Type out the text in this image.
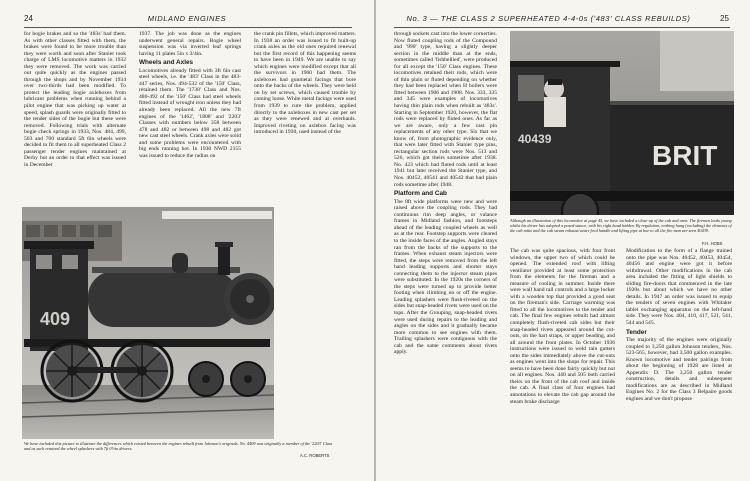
24	MIDLAND ENGINES

for bogie brakes and so the '483s' had them. As with other classes fitted with them, the brakes were found to be more trouble than they were worth and soon after Stanier took charge of LMS locomotive matters in 1932 they were removed. The work was carried out quite quickly as the engines passed through the shops and by November 1934 over two-thirds had been modified. To protect the leading bogie axleboxes from lubricant problems when running behind a pilot engine that was picking up water at speed, splash guards were originally fitted to the tender sides of the bogie but these were removed. Following trials with alternate bogie check springs in 1933, Nos. 484, 499, 503 and 700 standard 5ft 6in wheels were decided to fit them to all superheated Class 2 passenger tender engines maintained at Derby but an order to that effect was issued in December

1937. The job was done as the engines underwent general repairs. Bogie wheel suspension was via inverted leaf springs having 11 plates 5in x 3/4in.

Wheels and Axles

Locomotives already fitted with 3ft 6in cast steel wheels, i.e. the '483' Class in the 483-447 series, Nos. 494-532 of the '150' Class, retained them. The '1738' Class and Nos. 480-492 of the '150' Class had steel wheels fitted instead of wrought iron unless they had already been replaced. All the new 7ft engines of the '1462', '1808' and '2203' Classes with numbers below 358 between 478 and 482 or between 498 and 482 got new cast steel wheels. Crank axles were solid and some problems were encountered with big ends running hot. In 1930 NWD 2155 was issued to reduce the radius on

the crank pin fillets, which improved matters. In 1938 an order was issued to fit built-up crank axles as the old ones required renewal but the first record of this happening seems to have been in 1949. We are unable to say which engines were modified except that all the survivors in 1960 had them. The axleboxes had gunmetal facings that bore onto the backs of the wheels. They were held on by set screws, which caused trouble by coming loose. White metal facings were used from 1939 to cure the problem, applied directly to the axleboxes in new cast per set as they were renewed and at overhauls. Improved riveting on axlebox facing was introduced in 1930, used instead of the

409
We have included this picture to illustrate the differences which existed between the engines rebuilt from Johnson's originals. No. 4409 was originally a member of the '2203' Class and as such retained the wheel splashers with 7ft 0½in drivers.
A.C. ROBERTS
No. 3 — THE CLASS 2 SUPERHEATED 4-4-0s ('483' CLASS REBUILDS)	25

through sockets cast into the lower cornerties. Now fluted coupling rods of the Compound and '990' type, having a slightly deeper section in the middle than at the ends, sometimes called 'fishbellied', were produced for all except the '150' Class engines. These locomotives retained their rods, which were of thin plain or fluted depending on whether they had been replaced when H boilers were fitted between 1906 and 1908. Nos. 333, 335 and 345 were examples of locomotives having thin plain rods when rebuilt as '483s'. Starting in September 1920, however, the flat rods were replaced by fluted ones. As far as we are aware, only a few cast pin replacements of any other type. Six that we know of, from photographic evidence only, that were later fitted with Stanier type pins, rectangular section rods were Nos. 513 and 526, which got theirs sometime after 1938. No. 423 which had fluted rods until at least 1941 but later received the Stanier type, and Nos. 40452, 40541 and 40542 that had plain rods sometime after 1948.

Platform and Cab

The 8ft wide platforms were new and were raised above the coupling rods. They had continuous rim deep angles, or valance frames in Midland fashion, and footsteps ahead of the leading coupled wheels as well as at the rear. Footstep supports were cleared to the inside faces of the angles. Angled stays ran from the backs of the supports to the frames. When exhaust steam injectors were fitted, the steps were removed from the left hand leading supports and shorter stays connecting them to the injector steam pipes were substituted. In the 1920s the corners of the steps were turned up to provide better footing when climbing on or off the engine. Leading splashers were flush-riveted on the sides but snap-headed rivets were used on the tops. After the Grouping, snap-headed rivets were used during repairs to the leading and angles on the sides and it gradually became more common to see engines with them. Trailing splashers were contiguous with the cab and the same comments about rivets apply.

40439
BRIT
Although an illustration of this locomotive at page 45, we have included a close-up of the cab and area. The firemen looks young whilst his driver has adopted a posed stance, with his right hand hidden. By regulation, nothing hung (excluding) the elements of the cab mitts and the cab steam exhaust/water feed handle and lifting pipe at bar to all the fire man are seen 40439.
F.H. HOBS

The cab was quite spacious, with four front windows, the upper two of which could be opened. The extended roof with lifting ventilator provided at least some protection from the elements for the fireman and a measure of cooling in summer. Inside there were wall hand rail controls and a large locker with a wooden top that provided a good seat on the fireman's side. Carriage warming was fitted to all the locomotives to the tender and cab. The final few engines rebuilt had almost completely flush-riveted cab sides but their snap-headed rivets appeared around the cut-outs, on the hart straps, or upper beading, and all around the front plates. In October 1936 instructions were issued to weld rain gutters onto the sides immediately above the cut-outs as engines went into the shops for repair. This seems to have been done fairly quickly but not on all engines. Nos. 440 and 505 both carried theirs on the front of the cab roof and inside the cab. A final class of four engines had annotations to elevate the cab gap around the steam brake discharge

Modification to the form of a flange trained onto the pipe was Nos. 40452, 40453, 40454, 40456 and engine were got it before withdrawal. Other modifications in the cab area included the fitting of light shields to sliding fire-doors that commenced in the late 1920s but about which we have no other details. In 1947 an order was issued to equip the tenders of seven engines with Whitaker tablet exchanging apparatus on the left-hand side. They were Nos. 404, 410, 417, 521, 541, 544 and 545.

Tender

The majority of the engines were originally coupled to 3,250 gallon Johnson tenders, Nos. 523-565, however, had 3,500 gallon examples. Known locomotive and tender pairings from about the beginning of 1928 are listed at Appendix D. The 3,250 gallon tender construction, details and subsequent modifications are as described in Midland Engines No. 2 for the Class 3 Belpaire goods engines and we don't propose
